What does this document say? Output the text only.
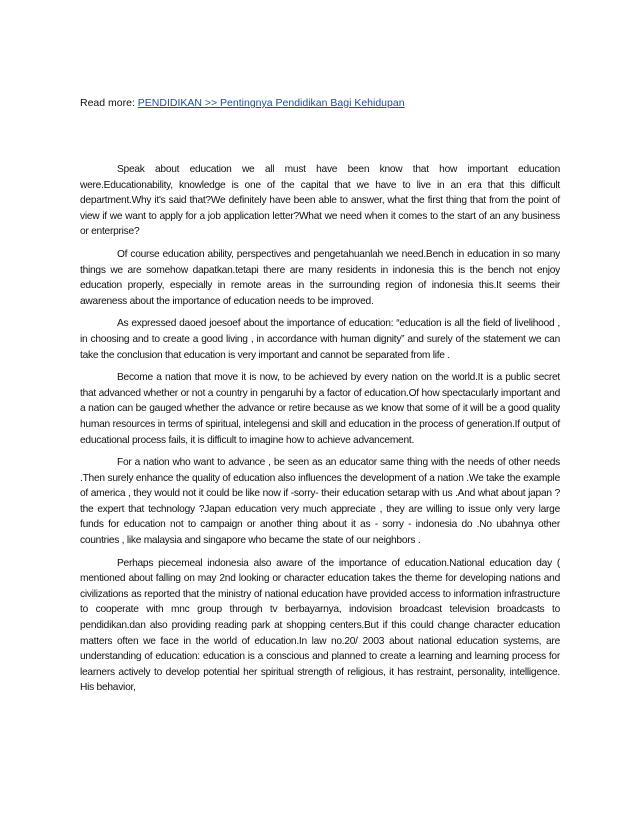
Read more: PENDIDIKAN >> Pentingnya Pendidikan Bagi Kehidupan

Speak about education we all must have been know that how important education were.Educationability, knowledge is one of the capital that we have to live in an era that this difficult department.Why it's said that?We definitely have been able to answer, what the first thing that from the point of view if we want to apply for a job application letter?What we need when it comes to the start of an any business or enterprise?

Of course education ability, perspectives and pengetahuanlah we need.Bench in education in so many things we are somehow dapatkan.tetapi there are many residents in indonesia this is the bench not enjoy education properly, especially in remote areas in the surrounding region of indonesia this.It seems their awareness about the importance of education needs to be improved.

As expressed daoed joesoef about the importance of education: “education is all the field of livelihood , in choosing and to create a good living , in accordance with human dignity” and surely of the statement we can take the conclusion that education is very important and cannot be separated from life .

Become a nation that move it is now, to be achieved by every nation on the world.It is a public secret that advanced whether or not a country in pengaruhi by a factor of education.Of how spectacularly important and a nation can be gauged whether the advance or retire because as we know that some of it will be a good quality human resources in terms of spiritual, intelegensi and skill and education in the process of generation.If output of educational process fails, it is difficult to imagine how to achieve advancement.

For a nation who want to advance , be seen as an educator same thing with the needs of other needs .Then surely enhance the quality of education also influences the development of a nation .We take the example of america , they would not it could be like now if -sorry- their education setarap with us .And what about japan ? the expert that technology ?Japan education very much appreciate , they are willing to issue only very large funds for education not to campaign or another thing about it as - sorry - indonesia do .No ubahnya other countries , like malaysia and singapore who became the state of our neighbors .

Perhaps piecemeal indonesia also aware of the importance of education.National education day ( mentioned about falling on may 2nd looking or character education takes the theme for developing nations and civilizations as reported that the ministry of national education have provided access to information infrastructure to cooperate with mnc group through tv berbayarnya, indovision broadcast television broadcasts to pendidikan.dan also providing reading park at shopping centers.But if this could change character education matters often we face in the world of education.In law no.20/ 2003 about national education systems, are understanding of education: education is a conscious and planned to create a learning and learning process for learners actively to develop potential her spiritual strength of religious, it has restraint, personality, intelligence. His behavior,
